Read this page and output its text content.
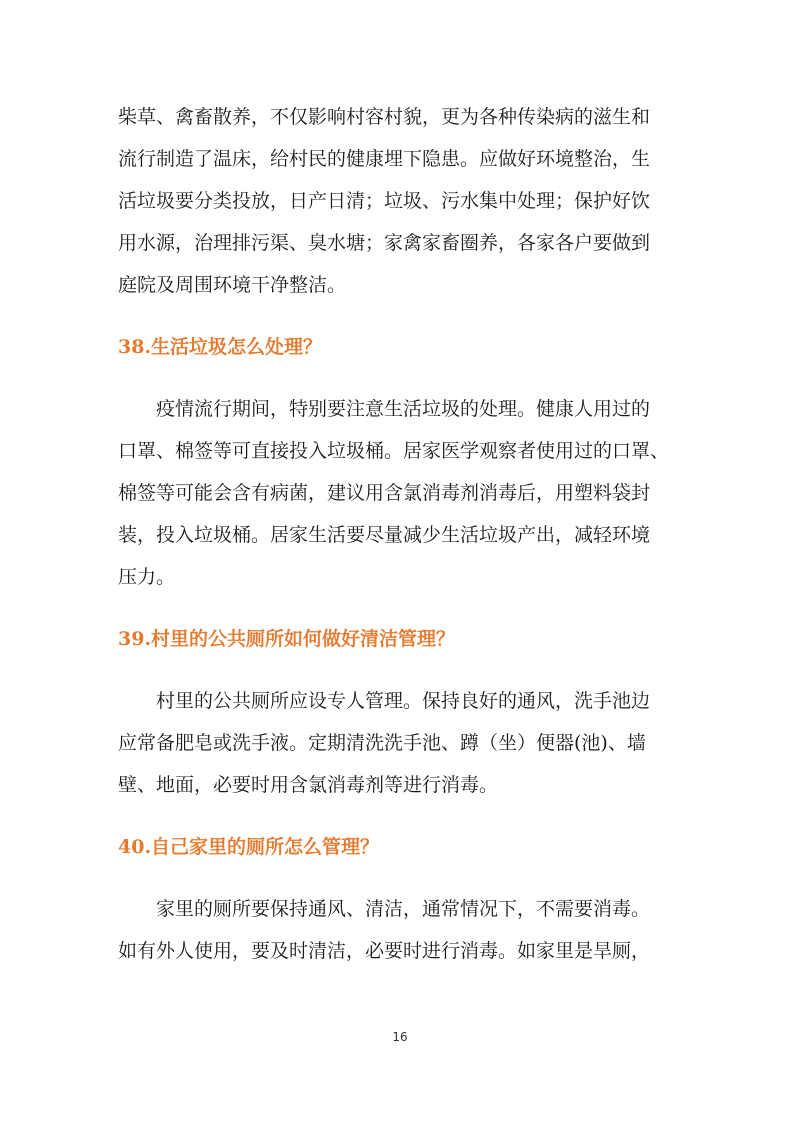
柴草、禽畜散养，不仅影响村容村貌，更为各种传染病的滋生和

流行制造了温床，给村民的健康埋下隐患。应做好环境整治，生

活垃圾要分类投放，日产日清；垃圾、污水集中处理；保护好饮

用水源，治理排污渠、臭水塘；家禽家畜圈养，各家各户要做到

庭院及周围环境干净整洁。

38.生活垃圾怎么处理？

　　疫情流行期间，特别要注意生活垃圾的处理。健康人用过的

口罩、棉签等可直接投入垃圾桶。居家医学观察者使用过的口罩、

棉签等可能会含有病菌，建议用含氯消毒剂消毒后，用塑料袋封

装，投入垃圾桶。居家生活要尽量减少生活垃圾产出，减轻环境

压力。

39.村里的公共厕所如何做好清洁管理？

　　村里的公共厕所应设专人管理。保持良好的通风，洗手池边

应常备肥皂或洗手液。定期清洗洗手池、蹲（坐）便器(池)、墙

壁、地面，必要时用含氯消毒剂等进行消毒。

40.自己家里的厕所怎么管理？

　　家里的厕所要保持通风、清洁，通常情况下，不需要消毒。

如有外人使用，要及时清洁，必要时进行消毒。如家里是旱厕，

16
